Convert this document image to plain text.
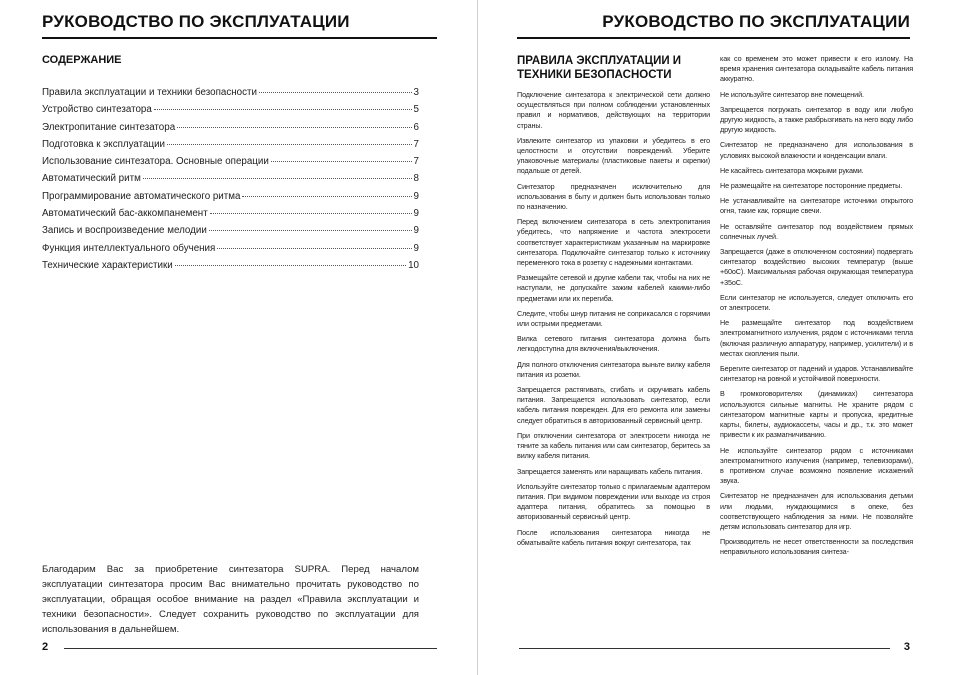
РУКОВОДСТВО ПО ЭКСПЛУАТАЦИИ
СОДЕРЖАНИЕ
Правила эксплуатации и техники безопасности	3
Устройство синтезатора	5
Электропитание синтезатора	6
Подготовка к эксплуатации	7
Использование синтезатора. Основные операции	7
Автоматический ритм	8
Программирование автоматического ритма	9
Автоматический бас-аккомпанемент	9
Запись и воспроизведение мелодии	9
Функция интеллектуального обучения	9
Технические характеристики	10

Благодарим Вас за приобретение синтезатора SUPRA. Перед началом эксплуатации синтезатора просим Вас внимательно прочитать руководство по эксплуатации, обращая особое внимание на раздел «Правила эксплуатации и техники безопасности». Следует сохранить руководство по эксплуатации для использования в дальнейшем.

2
РУКОВОДСТВО ПО ЭКСПЛУАТАЦИИ
3
ПРАВИЛА ЭКСПЛУАТАЦИИ И ТЕХНИКИ БЕЗОПАСНОСТИ

Подключение синтезатора к электрической сети должно осуществляться при полном соблюдении установленных правил и нормативов, действующих на территории страны.

Извлеките синтезатор из упаковки и убедитесь в его целостности и отсутствии повреждений. Уберите упаковочные материалы (пластиковые пакеты и скрепки) подальше от детей.

Синтезатор предназначен исключительно для использования в быту и должен быть использован только по назначению.

Перед включением синтезатора в сеть электропитания убедитесь, что напряжение и частота электросети соответствует характеристикам указанным на маркировке синтезатора. Подключайте синтезатор только к источнику переменного тока в розетку с надежными контактами.

Размещайте сетевой и другие кабели так, чтобы на них не наступали, не допускайте зажим кабелей какими-либо предметами или их перегиба.

Следите, чтобы шнур питания не соприкасался с горячими или острыми предметами.

Вилка сетевого питания синтезатора должна быть легкодоступна для включения/выключения.

Для полного отключения синтезатора выньте вилку кабеля питания из розетки.

Запрещается растягивать, сгибать и скручивать кабель питания. Запрещается использовать синтезатор, если кабель питания поврежден. Для его ремонта или замены следует обратиться в авторизованный сервисный центр.

При отключении синтезатора от электросети никогда не тяните за кабель питания или сам синтезатор, беритесь за вилку кабеля питания.

Запрещается заменять или наращивать кабель питания.

Используйте синтезатор только с прилагаемым адаптером питания. При видимом повреждении или выходе из строя адаптера питания, обратитесь за помощью в авторизованный сервисный центр.

После использования синтезатора никогда не обматывайте кабель питания вокруг синтезатора, так

как со временем это может привести к его излому. На время хранения синтезатора складывайте кабель питания аккуратно.

Не используйте синтезатор вне помещений.

Запрещается погружать синтезатор в воду или любую другую жидкость, а также разбрызгивать на него воду либо другую жидкость.

Синтезатор не предназначено для использования в условиях высокой влажности и конденсации влаги.

Не касайтесь синтезатора мокрыми руками.

Не размещайте на синтезаторе посторонние предметы.

Не устанавливайте на синтезаторе источники открытого огня, такие как, горящие свечи.

Не оставляйте синтезатор под воздействием прямых солнечных лучей.

Запрещается (даже в отключенном состоянии) подвергать синтезатор воздействию высоких температур (выше +60оС). Максимальная рабочая окружающая температура +35оС.

Если синтезатор не используется, следует отключить его от электросети.

Не размещайте синтезатор под воздействием электромагнитного излучения, рядом с источниками тепла (включая различную аппаратуру, например, усилители) и в местах скопления пыли.

Берегите синтезатор от падений и ударов. Устанавливайте синтезатор на ровной и устойчивой поверхности.

В громкоговорителях (динамиках) синтезатора используются сильные магниты. Не храните рядом с синтезатором магнитные карты и пропуска, кредитные карты, билеты, аудиокассеты, часы и др., т.к. это может привести к их размагничиванию.

Не используйте синтезатор рядом с источниками электромагнитного излучения (например, телевизорами), в противном случае возможно появление искажений звука.

Синтезатор не предназначен для использования детьми или людьми, нуждающимися в опеке, без соответствующего наблюдения за ними. Не позволяйте детям использовать синтезатор для игр.

Производитель не несет ответственности за последствия неправильного использования синтеза-
